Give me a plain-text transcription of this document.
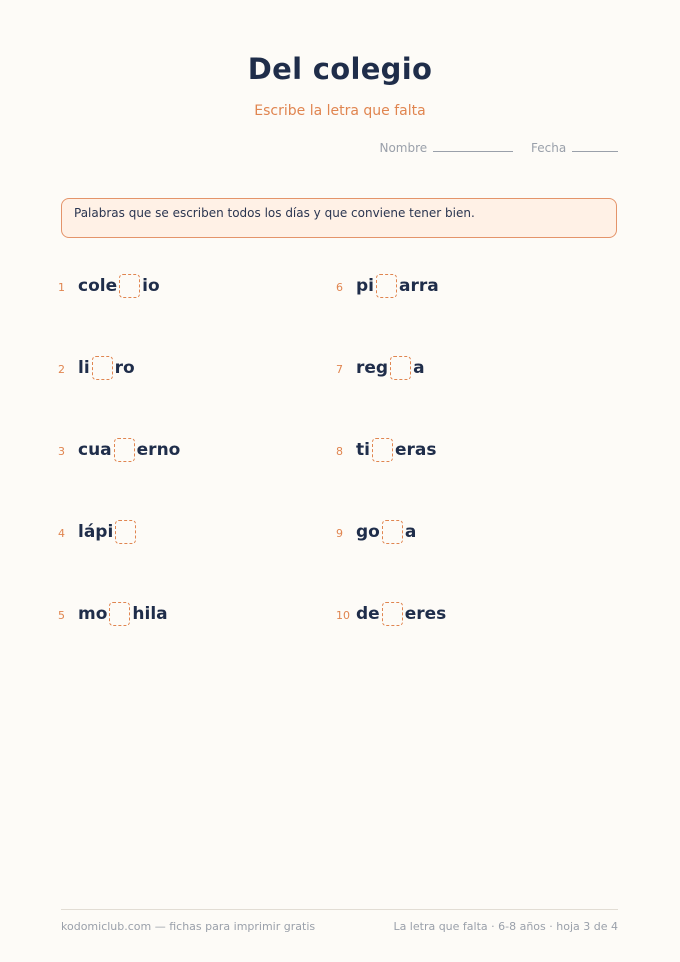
Del colegio
Escribe la letra que falta
Nombre	Fecha
Palabras que se escriben todos los días y que conviene tener bien.
1 cole io
2 li ro
3 cua erno
4 lápi
5 mo hila
6 pi arra
7 reg a
8 ti eras
9 go a
10 de eres
kodomiclub.com — fichas para imprimir gratis	La letra que falta · 6-8 años · hoja 3 de 4
